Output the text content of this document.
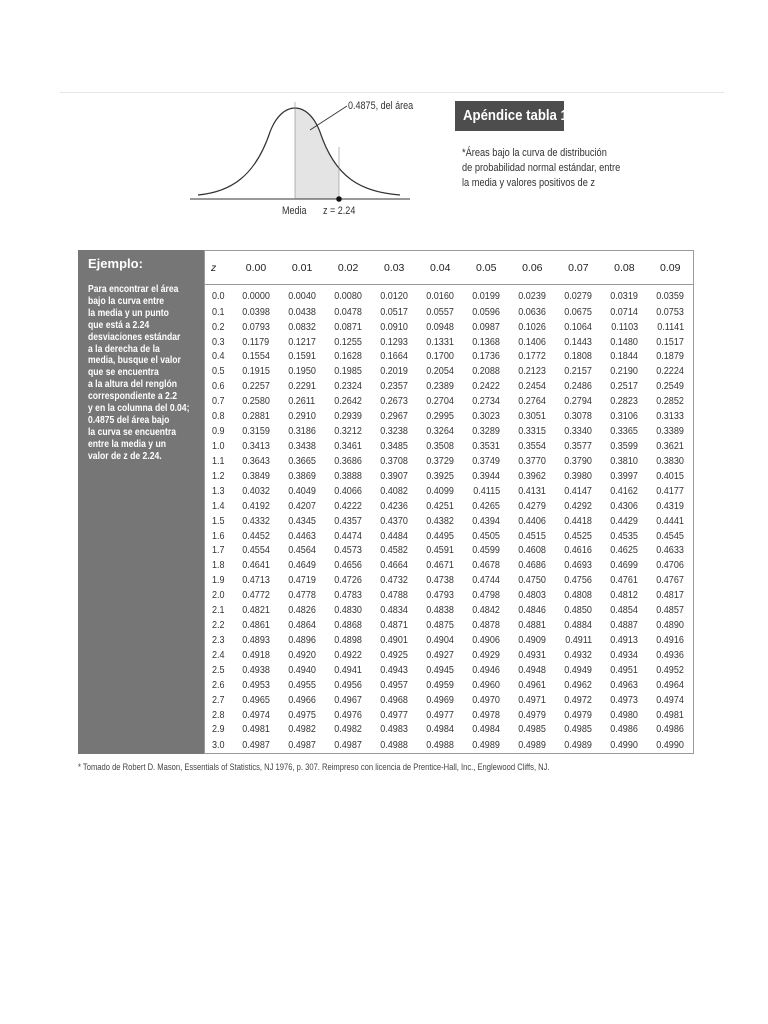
0.4875, del área
Media z = 2.24
Apéndice tabla 1
*Áreas bajo la curva de distribución
de probabilidad normal estándar, entre
la media y valores positivos de z
Ejemplo:
Para encontrar el área
bajo la curva entre
la media y un punto
que está a 2.24
desviaciones estándar
a la derecha de la
media, busque el valor
que se encuentra
a la altura del renglón
correspondiente a 2.2
y en la columna del 0.04;
0.4875 del área bajo
la curva se encuentra
entre la media y un
valor de z de 2.24.
z	0.00	0.01	0.02	0.03	0.04	0.05	0.06	0.07	0.08	0.09
0.0	0.0000	0.0040	0.0080	0.0120	0.0160	0.0199	0.0239	0.0279	0.0319	0.0359
0.1	0.0398	0.0438	0.0478	0.0517	0.0557	0.0596	0.0636	0.0675	0.0714	0.0753
0.2	0.0793	0.0832	0.0871	0.0910	0.0948	0.0987	0.1026	0.1064	0.1103	0.1141
0.3	0.1179	0.1217	0.1255	0.1293	0.1331	0.1368	0.1406	0.1443	0.1480	0.1517
0.4	0.1554	0.1591	0.1628	0.1664	0.1700	0.1736	0.1772	0.1808	0.1844	0.1879
0.5	0.1915	0.1950	0.1985	0.2019	0.2054	0.2088	0.2123	0.2157	0.2190	0.2224
0.6	0.2257	0.2291	0.2324	0.2357	0.2389	0.2422	0.2454	0.2486	0.2517	0.2549
0.7	0.2580	0.2611	0.2642	0.2673	0.2704	0.2734	0.2764	0.2794	0.2823	0.2852
0.8	0.2881	0.2910	0.2939	0.2967	0.2995	0.3023	0.3051	0.3078	0.3106	0.3133
0.9	0.3159	0.3186	0.3212	0.3238	0.3264	0.3289	0.3315	0.3340	0.3365	0.3389
1.0	0.3413	0.3438	0.3461	0.3485	0.3508	0.3531	0.3554	0.3577	0.3599	0.3621
1.1	0.3643	0.3665	0.3686	0.3708	0.3729	0.3749	0.3770	0.3790	0.3810	0.3830
1.2	0.3849	0.3869	0.3888	0.3907	0.3925	0.3944	0.3962	0.3980	0.3997	0.4015
1.3	0.4032	0.4049	0.4066	0.4082	0.4099	0.4115	0.4131	0.4147	0.4162	0.4177
1.4	0.4192	0.4207	0.4222	0.4236	0.4251	0.4265	0.4279	0.4292	0.4306	0.4319
1.5	0.4332	0.4345	0.4357	0.4370	0.4382	0.4394	0.4406	0.4418	0.4429	0.4441
1.6	0.4452	0.4463	0.4474	0.4484	0.4495	0.4505	0.4515	0.4525	0.4535	0.4545
1.7	0.4554	0.4564	0.4573	0.4582	0.4591	0.4599	0.4608	0.4616	0.4625	0.4633
1.8	0.4641	0.4649	0.4656	0.4664	0.4671	0.4678	0.4686	0.4693	0.4699	0.4706
1.9	0.4713	0.4719	0.4726	0.4732	0.4738	0.4744	0.4750	0.4756	0.4761	0.4767
2.0	0.4772	0.4778	0.4783	0.4788	0.4793	0.4798	0.4803	0.4808	0.4812	0.4817
2.1	0.4821	0.4826	0.4830	0.4834	0.4838	0.4842	0.4846	0.4850	0.4854	0.4857
2.2	0.4861	0.4864	0.4868	0.4871	0.4875	0.4878	0.4881	0.4884	0.4887	0.4890
2.3	0.4893	0.4896	0.4898	0.4901	0.4904	0.4906	0.4909	0.4911	0.4913	0.4916
2.4	0.4918	0.4920	0.4922	0.4925	0.4927	0.4929	0.4931	0.4932	0.4934	0.4936
2.5	0.4938	0.4940	0.4941	0.4943	0.4945	0.4946	0.4948	0.4949	0.4951	0.4952
2.6	0.4953	0.4955	0.4956	0.4957	0.4959	0.4960	0.4961	0.4962	0.4963	0.4964
2.7	0.4965	0.4966	0.4967	0.4968	0.4969	0.4970	0.4971	0.4972	0.4973	0.4974
2.8	0.4974	0.4975	0.4976	0.4977	0.4977	0.4978	0.4979	0.4979	0.4980	0.4981
2.9	0.4981	0.4982	0.4982	0.4983	0.4984	0.4984	0.4985	0.4985	0.4986	0.4986
3.0	0.4987	0.4987	0.4987	0.4988	0.4988	0.4989	0.4989	0.4989	0.4990	0.4990
* Tomado de Robert D. Mason, Essentials of Statistics, NJ 1976, p. 307. Reimpreso con licencia de Prentice-Hall, Inc., Englewood Cliffs, NJ.
